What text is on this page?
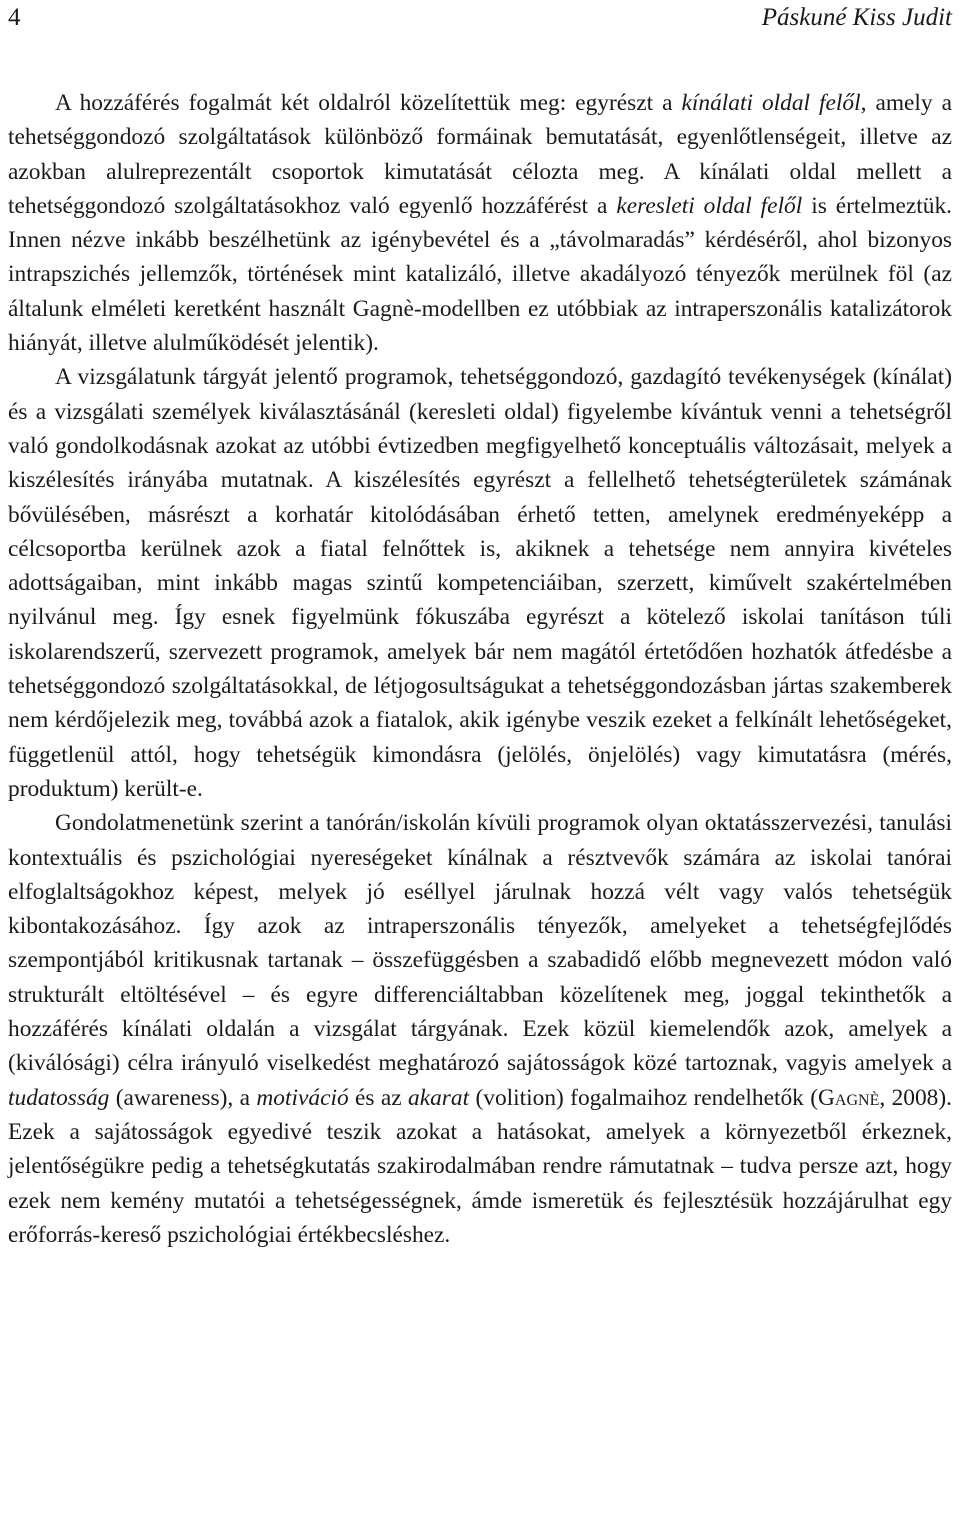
4	Páskuné Kiss Judit

A hozzáférés fogalmát két oldalról közelítettük meg: egyrészt a kínálati oldal felől, amely a tehetséggondozó szolgáltatások különböző formáinak bemutatását, egyenlőtlenségeit, illetve az azokban alulreprezentált csoportok kimutatását célozta meg. A kínálati oldal mellett a tehetséggondozó szolgáltatásokhoz való egyenlő hozzáférést a keresleti oldal felől is értelmeztük. Innen nézve inkább beszélhetünk az igénybevétel és a „távolmaradás” kérdéséről, ahol bizonyos intrapszichés jellemzők, történések mint katalizáló, illetve akadályozó tényezők merülnek föl (az általunk elméleti keretként használt Gagnè-modellben ez utóbbiak az intraperszonális katalizátorok hiányát, illetve alulműködését jelentik).

A vizsgálatunk tárgyát jelentő programok, tehetséggondozó, gazdagító tevékenységek (kínálat) és a vizsgálati személyek kiválasztásánál (keresleti oldal) figyelembe kívántuk venni a tehetségről való gondolkodásnak azokat az utóbbi évtizedben megfigyelhető konceptuális változásait, melyek a kiszélesítés irányába mutatnak. A kiszélesítés egyrészt a fellelhető tehetségterületek számának bővülésében, másrészt a korhatár kitolódásában érhető tetten, amelynek eredményeképp a célcsoportba kerülnek azok a fiatal felnőttek is, akiknek a tehetsége nem annyira kivételes adottságaiban, mint inkább magas szintű kompetenciáiban, szerzett, kiművelt szakértelmében nyilvánul meg. Így esnek figyelmünk fókuszába egyrészt a kötelező iskolai tanításon túli iskolarendszerű, szervezett programok, amelyek bár nem magától értetődően hozhatók átfedésbe a tehetséggondozó szolgáltatásokkal, de létjogosultságukat a tehetséggondozásban jártas szakemberek nem kérdőjelezik meg, továbbá azok a fiatalok, akik igénybe veszik ezeket a felkínált lehetőségeket, függetlenül attól, hogy tehetségük kimondásra (jelölés, önjelölés) vagy kimutatásra (mérés, produktum) került-e.

Gondolatmenetünk szerint a tanórán/iskolán kívüli programok olyan oktatásszervezési, tanulási kontextuális és pszichológiai nyereségeket kínálnak a résztvevők számára az iskolai tanórai elfoglaltságokhoz képest, melyek jó eséllyel járulnak hozzá vélt vagy valós tehetségük kibontakozásához. Így azok az intraperszonális tényezők, amelyeket a tehetségfejlődés szempontjából kritikusnak tartanak – összefüggésben a szabadidő előbb megnevezett módon való strukturált eltöltésével – és egyre differenciáltabban közelítenek meg, joggal tekinthetők a hozzáférés kínálati oldalán a vizsgálat tárgyának. Ezek közül kiemelendők azok, amelyek a (kiválósági) célra irányuló viselkedést meghatározó sajátosságok közé tartoznak, vagyis amelyek a tudatosság (awareness), a motiváció és az akarat (volition) fogalmaihoz rendelhetők (Gagnè, 2008). Ezek a sajátosságok egyedivé teszik azokat a hatásokat, amelyek a környezetből érkeznek, jelentőségükre pedig a tehetségkutatás szakirodalmában rendre rámutatnak – tudva persze azt, hogy ezek nem kemény mutatói a tehetségességnek, ámde ismeretük és fejlesztésük hozzájárulhat egy erőforrás-kereső pszichológiai értékbecsléshez.
